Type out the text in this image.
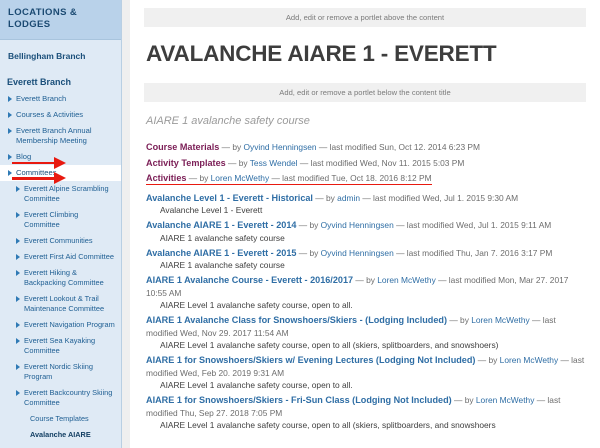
LOCATIONS & LODGES
Bellingham Branch
Everett Branch
Everett Branch
Courses & Activities
Everett Branch Annual Membership Meeting
Blog
Committees
Everett Alpine Scrambling Committee
Everett Climbing Committee
Everett Communities
Everett First Aid Committee
Everett Hiking & Backpacking Committee
Everett Lookout & Trail Maintenance Committee
Everett Navigation Program
Everett Sea Kayaking Committee
Everett Nordic Skiing Program
Everett Backcountry Skiing Committee
Course Templates
Avalanche AIARE
Add, edit or remove a portlet above the content
AVALANCHE AIARE 1 - EVERETT
Add, edit or remove a portlet below the content title
AIARE 1 avalanche safety course
Course Materials — by Oyvind Henningsen — last modified Sun, Oct 12. 2014 6:23 PM
Activity Templates — by Tess Wendel — last modified Wed, Nov 11. 2015 5:03 PM
Activities — by Loren McWethy — last modified Tue, Oct 18. 2016 8:12 PM
Avalanche Level 1 - Everett - Historical — by admin — last modified Wed, Jul 1. 2015 9:30 AM
Avalanche Level 1 - Everett
Avalanche AIARE 1 - Everett - 2014 — by Oyvind Henningsen — last modified Wed, Jul 1. 2015 9:11 AM
AIARE 1 avalanche safety course
Avalanche AIARE 1 - Everett - 2015 — by Oyvind Henningsen — last modified Thu, Jan 7. 2016 3:17 PM
AIARE 1 avalanche safety course
AIARE 1 Avalanche Course - Everett - 2016/2017 — by Loren McWethy — last modified Mon, Mar 27. 2017 10:55 AM
AIARE Level 1 avalanche safety course, open to all.
AIARE 1 Avalanche Class for Snowshoers/Skiers - (Lodging Included) — by Loren McWethy — last modified Wed, Nov 29. 2017 11:54 AM
AIARE Level 1 avalanche safety course, open to all (skiers, splitboarders, and snowshoers)
AIARE 1 for Snowshoers/Skiers w/ Evening Lectures (Lodging Not Included) — by Loren McWethy — last modified Wed, Feb 20. 2019 9:31 AM
AIARE Level 1 avalanche safety course, open to all.
AIARE 1 for Snowshoers/Skiers - Fri-Sun Class (Lodging Not Included) — by Loren McWethy — last modified Thu, Sep 27. 2018 7:05 PM
AIARE Level 1 avalanche safety course, open to all (skiers, splitboarders, and snowshoers
